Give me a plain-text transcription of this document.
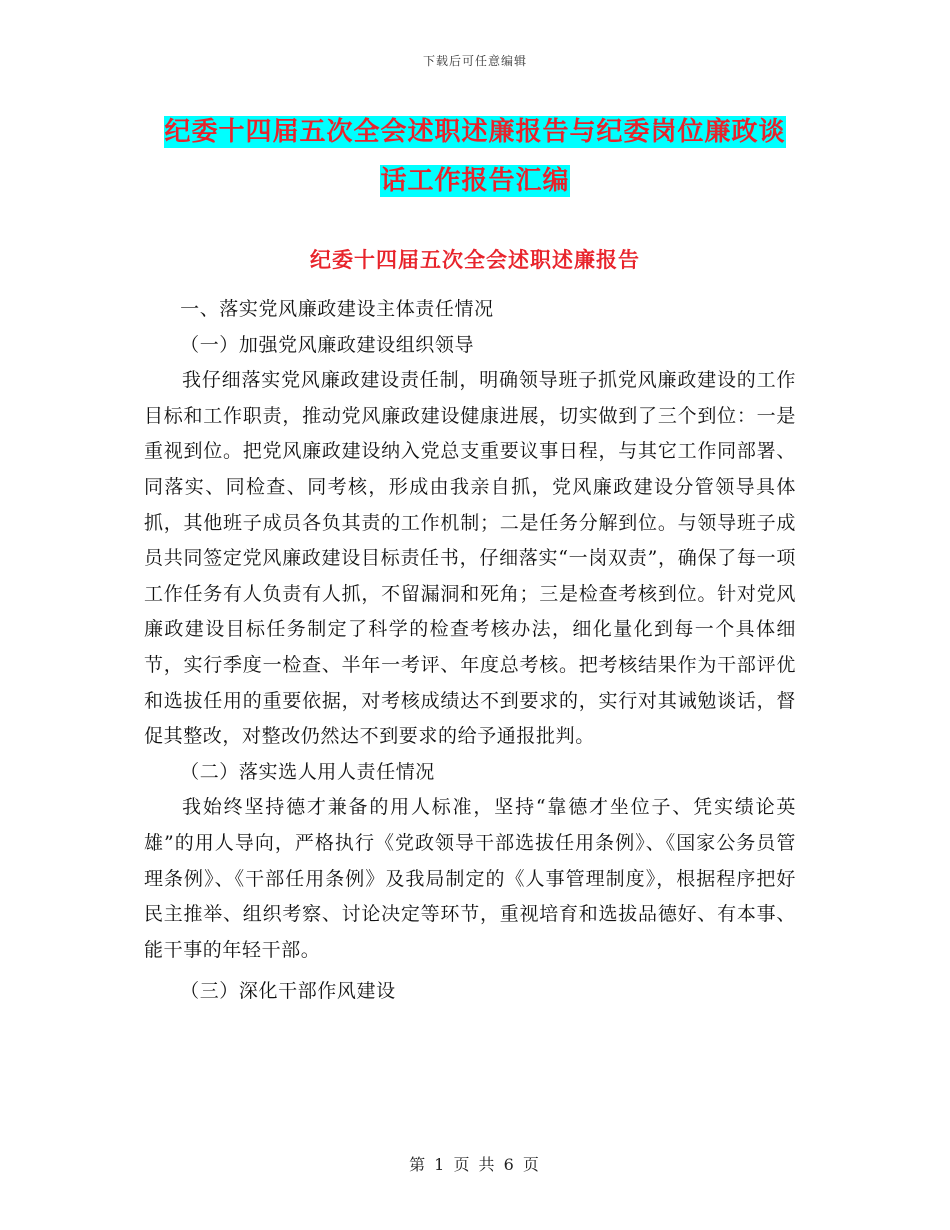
下载后可任意编辑
纪委十四届五次全会述职述廉报告与纪委岗位廉政谈
话工作报告汇编
纪委十四届五次全会述职述廉报告

一、落实党风廉政建设主体责任情况

（一）加强党风廉政建设组织领导

我仔细落实党风廉政建设责任制，明确领导班子抓党风廉政建设的工作目标和工作职责，推动党风廉政建设健康进展，切实做到了三个到位：一是重视到位。把党风廉政建设纳入党总支重要议事日程，与其它工作同部署、同落实、同检查、同考核，形成由我亲自抓，党风廉政建设分管领导具体抓，其他班子成员各负其责的工作机制；二是任务分解到位。与领导班子成员共同签定党风廉政建设目标责任书，仔细落实“一岗双责”，确保了每一项工作任务有人负责有人抓，不留漏洞和死角；三是检查考核到位。针对党风廉政建设目标任务制定了科学的检查考核办法，细化量化到每一个具体细节，实行季度一检查、半年一考评、年度总考核。把考核结果作为干部评优和选拔任用的重要依据，对考核成绩达不到要求的，实行对其诫勉谈话，督促其整改，对整改仍然达不到要求的给予通报批判。

（二）落实选人用人责任情况

我始终坚持德才兼备的用人标准，坚持“靠德才坐位子、凭实绩论英雄”的用人导向，严格执行《党政领导干部选拔任用条例》、《国家公务员管理条例》、《干部任用条例》及我局制定的《人事管理制度》，根据程序把好民主推举、组织考察、讨论决定等环节，重视培育和选拔品德好、有本事、能干事的年轻干部。

（三）深化干部作风建设

第 1 页 共 6 页
